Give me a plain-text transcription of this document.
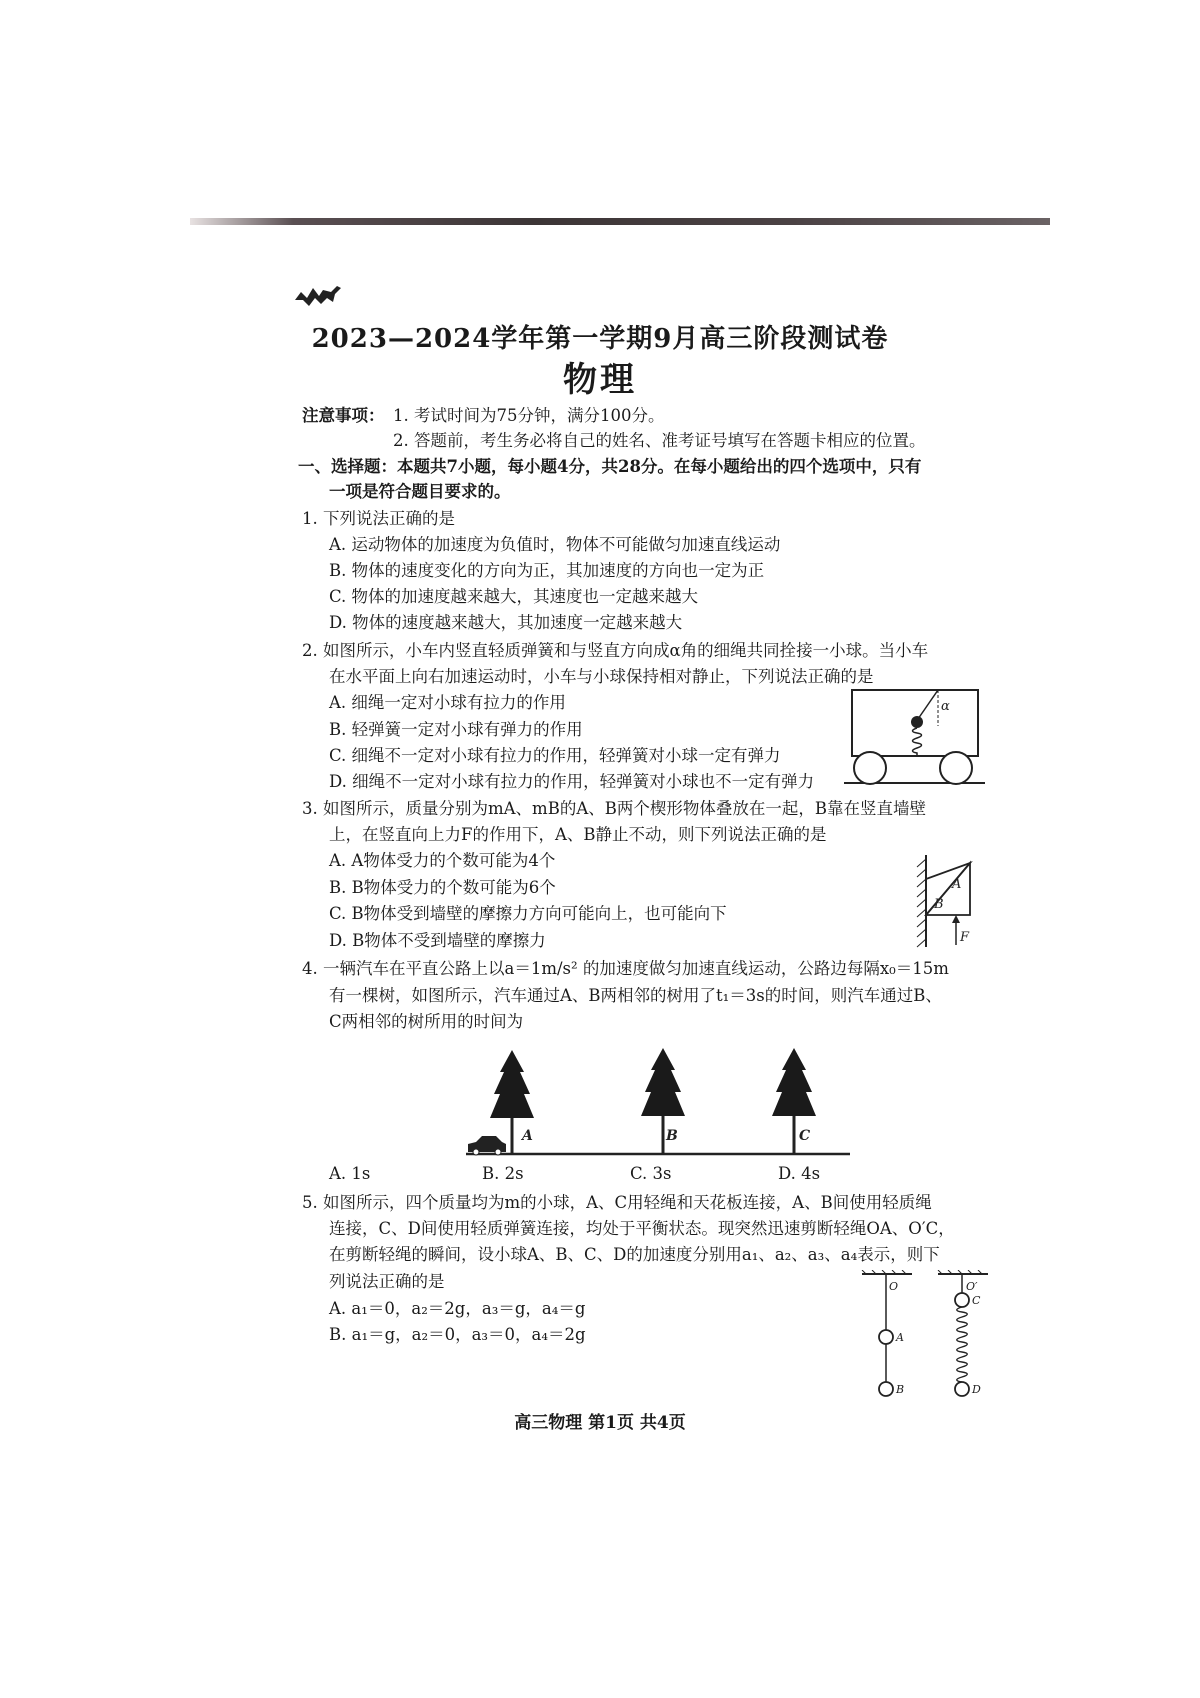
2023—2024学年第一学期9月高三阶段测试卷
物理
注意事项： 1. 考试时间为75分钟，满分100分。
2. 答题前，考生务必将自己的姓名、准考证号填写在答题卡相应的位置。
一、选择题：本题共7小题，每小题4分，共28分。在每小题给出的四个选项中，只有
一项是符合题目要求的。
1. 下列说法正确的是
A. 运动物体的加速度为负值时，物体不可能做匀加速直线运动
B. 物体的速度变化的方向为正，其加速度的方向也一定为正
C. 物体的加速度越来越大，其速度也一定越来越大
D. 物体的速度越来越大，其加速度一定越来越大
2. 如图所示，小车内竖直轻质弹簧和与竖直方向成α角的细绳共同拴接一小球。当小车
在水平面上向右加速运动时，小车与小球保持相对静止，下列说法正确的是
A. 细绳一定对小球有拉力的作用
B. 轻弹簧一定对小球有弹力的作用
C. 细绳不一定对小球有拉力的作用，轻弹簧对小球一定有弹力
D. 细绳不一定对小球有拉力的作用，轻弹簧对小球也不一定有弹力
α
3. 如图所示，质量分别为mA、mB的A、B两个楔形物体叠放在一起，B靠在竖直墙壁
上，在竖直向上力F的作用下，A、B静止不动，则下列说法正确的是
A. A物体受力的个数可能为4个
B. B物体受力的个数可能为6个
C. B物体受到墙壁的摩擦力方向可能向上，也可能向下
D. B物体不受到墙壁的摩擦力
A
B
F
4. 一辆汽车在平直公路上以a＝1m/s² 的加速度做匀加速直线运动，公路边每隔x₀＝15m
有一棵树，如图所示，汽车通过A、B两相邻的树用了t₁＝3s的时间，则汽车通过B、
C两相邻的树所用的时间为
A	B	C
A. 1s	B. 2s	C. 3s	D. 4s
5. 如图所示，四个质量均为m的小球，A、C用轻绳和天花板连接，A、B间使用轻质绳
连接，C、D间使用轻质弹簧连接，均处于平衡状态。现突然迅速剪断轻绳OA、O′C，
在剪断轻绳的瞬间，设小球A、B、C、D的加速度分别用a₁、a₂、a₃、a₄表示，则下
列说法正确的是
A. a₁＝0，a₂＝2g，a₃＝g，a₄＝g
B. a₁＝g，a₂＝0，a₃＝0，a₄＝2g
O
A
B
O′
C
D
高三物理 第1页 共4页
